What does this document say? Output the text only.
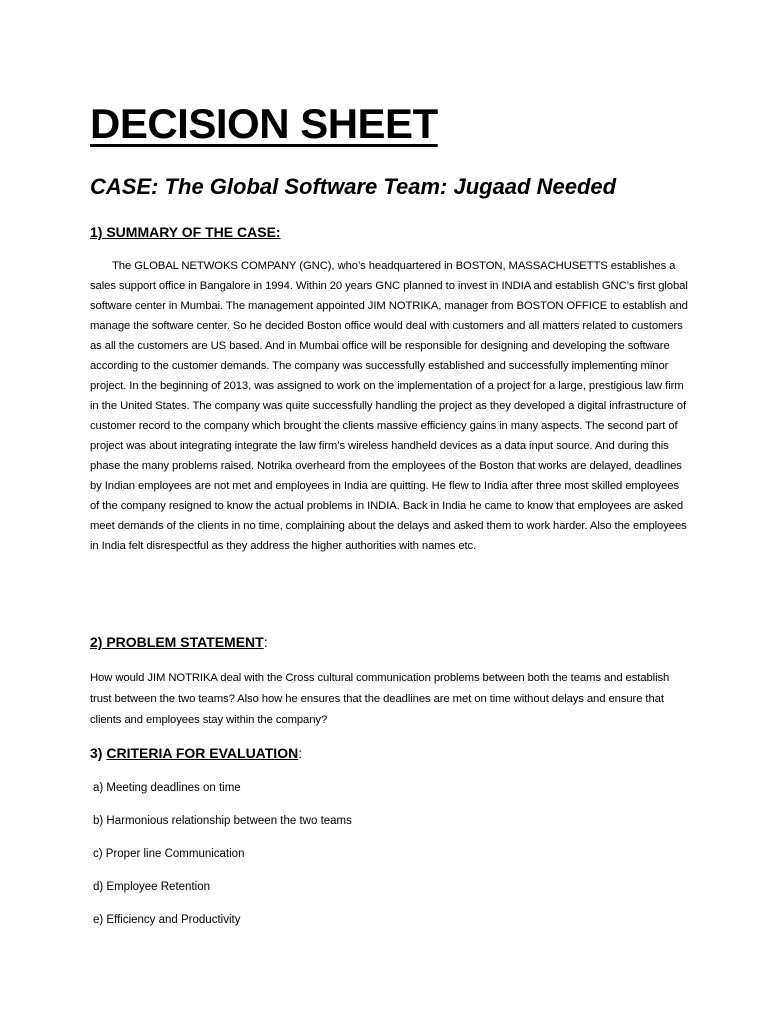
DECISION SHEET
CASE: The Global Software Team: Jugaad Needed
1) SUMMARY OF THE CASE:

The GLOBAL NETWOKS COMPANY (GNC), who’s headquartered in BOSTON, MASSACHUSETTS establishes a sales support office in Bangalore in 1994. Within 20 years GNC planned to invest in INDIA and establish GNC’s first global software center in Mumbai. The management appointed JIM NOTRIKA, manager from BOSTON OFFICE to establish and manage the software center. So he decided Boston office would deal with customers and all matters related to customers as all the customers are US based. And in Mumbai office will be responsible for designing and developing the software according to the customer demands. The company was successfully established and successfully implementing minor project. In the beginning of 2013, was assigned to work on the implementation of a project for a large, prestigious law firm in the United States. The company was quite successfully handling the project as they developed a digital infrastructure of customer record to the company which brought the clients massive efficiency gains in many aspects. The second part of project was about integrating integrate the law firm’s wireless handheld devices as a data input source. And during this phase the many problems raised. Notrika overheard from the employees of the Boston that works are delayed, deadlines by Indian employees are not met and employees in India are quitting. He flew to India after three most skilled employees of the company resigned to know the actual problems in INDIA. Back in India he came to know that employees are asked meet demands of the clients in no time, complaining about the delays and asked them to work harder. Also the employees in India felt disrespectful as they address the higher authorities with names etc.

2) PROBLEM STATEMENT:

How would JIM NOTRIKA deal with the Cross cultural communication problems between both the teams and establish trust between the two teams? Also how he ensures that the deadlines are met on time without delays and ensure that clients and employees stay within the company?

3) CRITERIA FOR EVALUATION:
a) Meeting deadlines on time
b) Harmonious relationship between the two teams
c) Proper line Communication
d) Employee Retention
e) Efficiency and Productivity
